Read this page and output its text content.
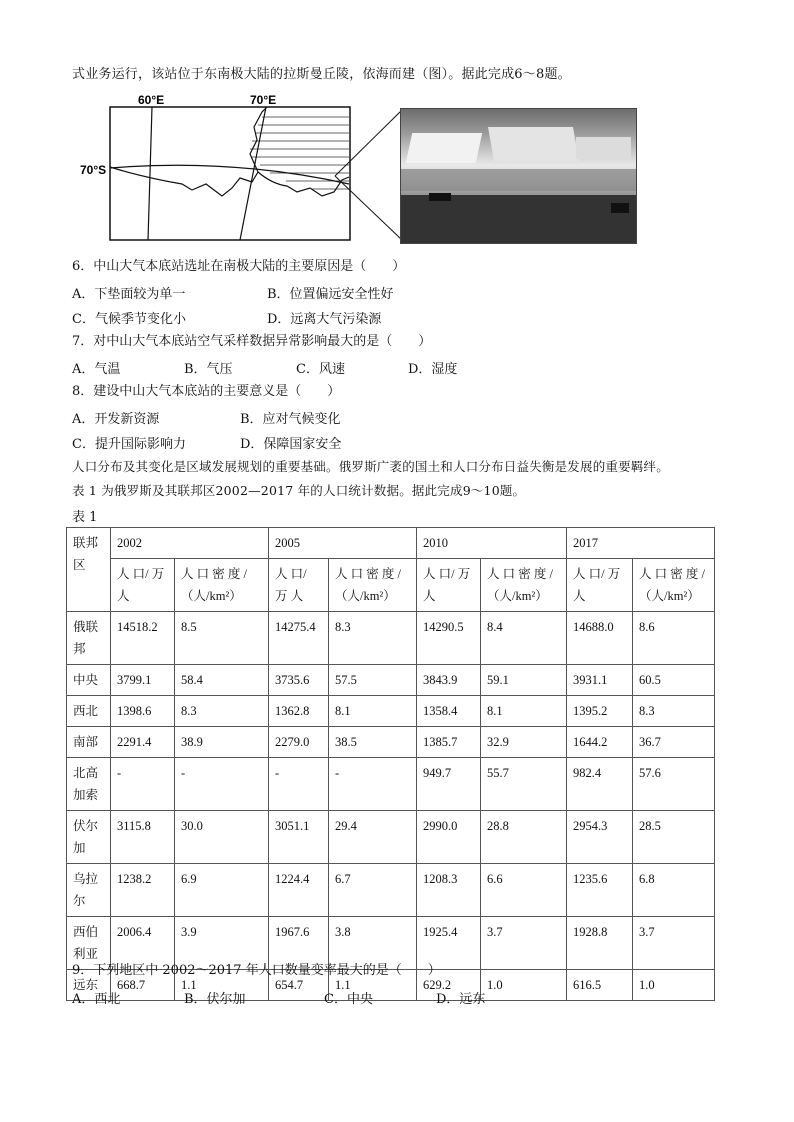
式业务运行，该站位于东南极大陆的拉斯曼丘陵，依海而建（图）。据此完成6～8题。
60°E	70°E
70°S
6．中山大气本底站选址在南极大陆的主要原因是（　　）
A．下垫面较为单一	B．位置偏远安全性好
C．气候季节变化小	D．远离大气污染源
7．对中山大气本底站空气采样数据异常影响最大的是（　　）
A．气温	B．气压	C．风速	D．湿度
8．建设中山大气本底站的主要意义是（　　）
A．开发新资源	B．应对气候变化
C．提升国际影响力	D．保障国家安全
人口分布及其变化是区域发展规划的重要基础。俄罗斯广袤的国土和人口分布日益失衡是发展的重要羁绊。
表 1 为俄罗斯及其联邦区2002—2017 年的人口统计数据。据此完成9～10题。
表 1
联邦区	2002		2005		2010		2017	
	人 口/ 万 人	人 口 密 度 / （人/km²）	人 口/ 万 人	人 口 密 度 / （人/km²）	人 口/ 万 人	人 口 密 度 / （人/km²）	人 口/ 万 人	人 口 密 度 / （人/km²）
俄联邦	14518.2	8.5	14275.4	8.3	14290.5	8.4	14688.0	8.6
中央	3799.1	58.4	3735.6	57.5	3843.9	59.1	3931.1	60.5
西北	1398.6	8.3	1362.8	8.1	1358.4	8.1	1395.2	8.3
南部	2291.4	38.9	2279.0	38.5	1385.7	32.9	1644.2	36.7
北高加索	-	-	-	-	949.7	55.7	982.4	57.6
伏尔加	3115.8	30.0	3051.1	29.4	2990.0	28.8	2954.3	28.5
乌拉尔	1238.2	6.9	1224.4	6.7	1208.3	6.6	1235.6	6.8
西伯利亚	2006.4	3.9	1967.6	3.8	1925.4	3.7	1928.8	3.7
远东	668.7	1.1	654.7	1.1	629.2	1.0	616.5	1.0
9．下列地区中 2002～2017 年人口数量变率最大的是（　　）
A．西北	B．伏尔加	C．中央	D．远东
